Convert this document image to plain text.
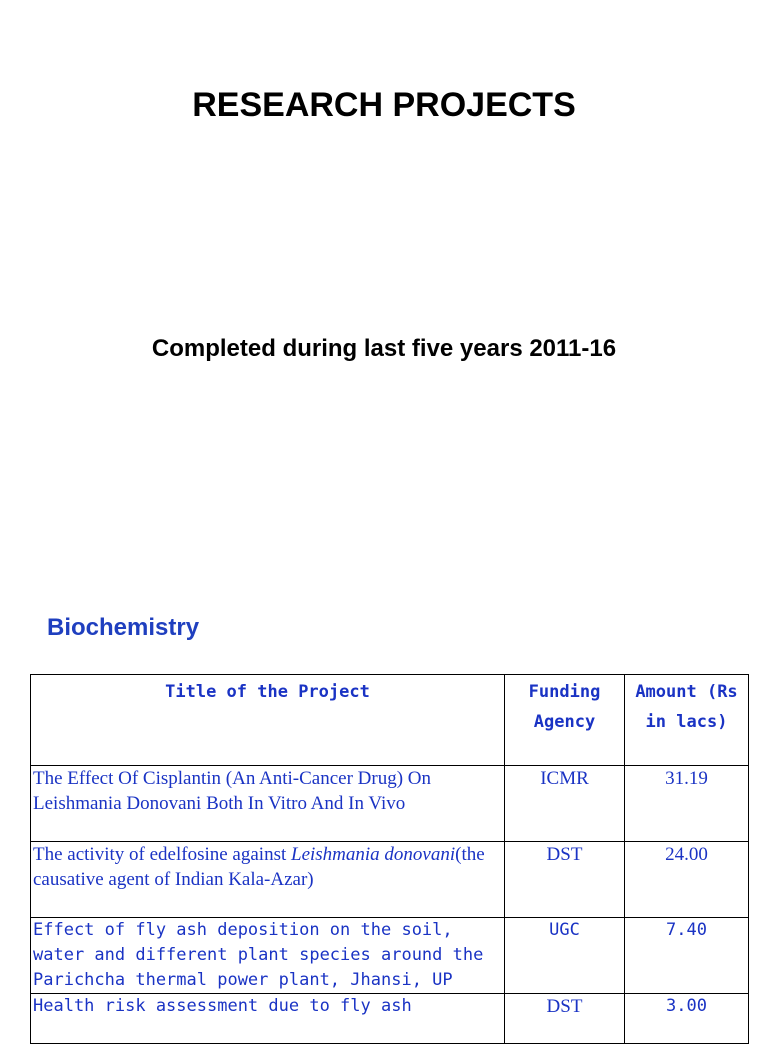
RESEARCH PROJECTS
Completed during last five years 2011-16
Biochemistry
Title of the Project	Funding Agency	Amount (Rs in lacs)
The Effect Of Cisplantin (An Anti-Cancer Drug) On Leishmania Donovani Both In Vitro And In Vivo	ICMR	31.19
The activity of edelfosine against Leishmania donovani(the causative agent of Indian Kala-Azar)	DST	24.00
Effect of fly ash deposition on the soil, water and different plant species around the Parichcha thermal power plant, Jhansi, UP	UGC	7.40
Health risk assessment due to fly ash	DST	3.00
